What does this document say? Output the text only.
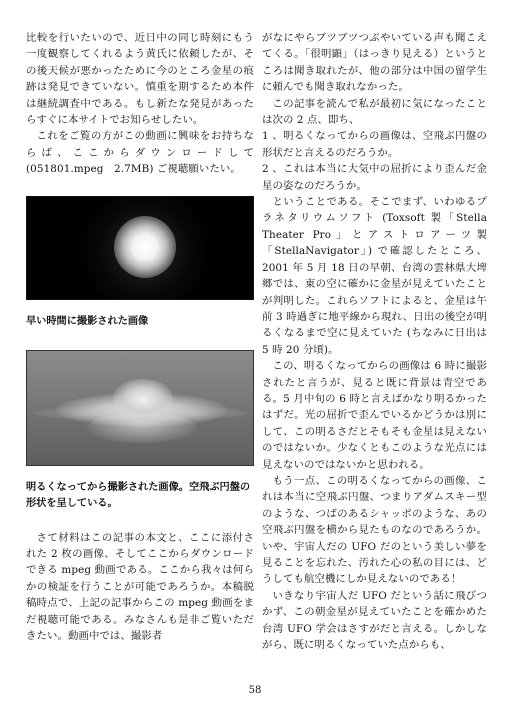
比較を行いたいので、近日中の同じ時刻にもう一度観察してくれるよう黄氏に依頼したが、その後天候が悪かったために今のところ金星の痕跡は発見できていない。慎重を期するため本件は継続調査中である。もし新たな発見があったらすぐに本サイトでお知らせしたい。

これをご覧の方がこの動画に興味をお持ちならば、ここからダウンロードして(051801.mpeg　2.7MB) ご視聴願いたい。

早い時間に撮影された画像

明るくなってから撮影された画像。空飛ぶ円盤の形状を呈している。

さて材料はこの記事の本文と、ここに添付された 2 枚の画像、そしてここからダウンロードできる mpeg 動画である。ここから我々は何らかの検証を行うことが可能であろうか。本稿脱稿時点で、上記の記事からこの mpeg 動画をまだ視聴可能である。みなさんも是非ご覧いただきたい。動画中では、撮影者

がなにやらブツブツつぶやいている声も聞こえてくる。「很明顕」（はっきり見える）というところは聞き取れたが、他の部分は中国の留学生に頼んでも聞き取れなかった。

この記事を読んで私が最初に気になったことは次の 2 点、即ち、

1 、明るくなってからの画像は、空飛ぶ円盤の形状だと言えるのだろうか。

2 、これは本当に大気中の屈折により歪んだ金星の姿なのだろうか。

ということである。そこでまず、いわゆるプラネタリウムソフト (Toxsoft 製「Stella Theater Pro」とアストロアーツ製「StellaNavigator」) で確認したところ、2001 年 5 月 18 日の早朝、台湾の雲林県大埤郷では、東の空に確かに金星が見えていたことが判明した。これらソフトによると、金星は午前 3 時過ぎに地平線から現れ、日出の後空が明るくなるまで空に見えていた (ちなみに日出は 5 時 20 分頃)。

この、明るくなってからの画像は 6 時に撮影されたと言うが、見ると既に背景は青空である。5 月中旬の 6 時と言えばかなり明るかったはずだ。光の屈折で歪んでいるかどうかは別にして、この明るさだとそもそも金星は見えないのではないか。少なくともこのような光点には見えないのではないかと思われる。

もう一点、この明るくなってからの画像、これは本当に空飛ぶ円盤、つまりアダムスキー型のような、つばのあるシャッポのような、あの空飛ぶ円盤を横から見たものなのであろうか。いや、宇宙人だの UFO だのという美しい夢を見ることを忘れた、汚れた心の私の目には、どうしても航空機にしか見えないのである！

いきなり宇宙人だ UFO だという話に飛びつかず、この朝金星が見えていたことを確かめた台湾 UFO 学会はさすがだと言える。しかしながら、既に明るくなっていた点からも、

58
